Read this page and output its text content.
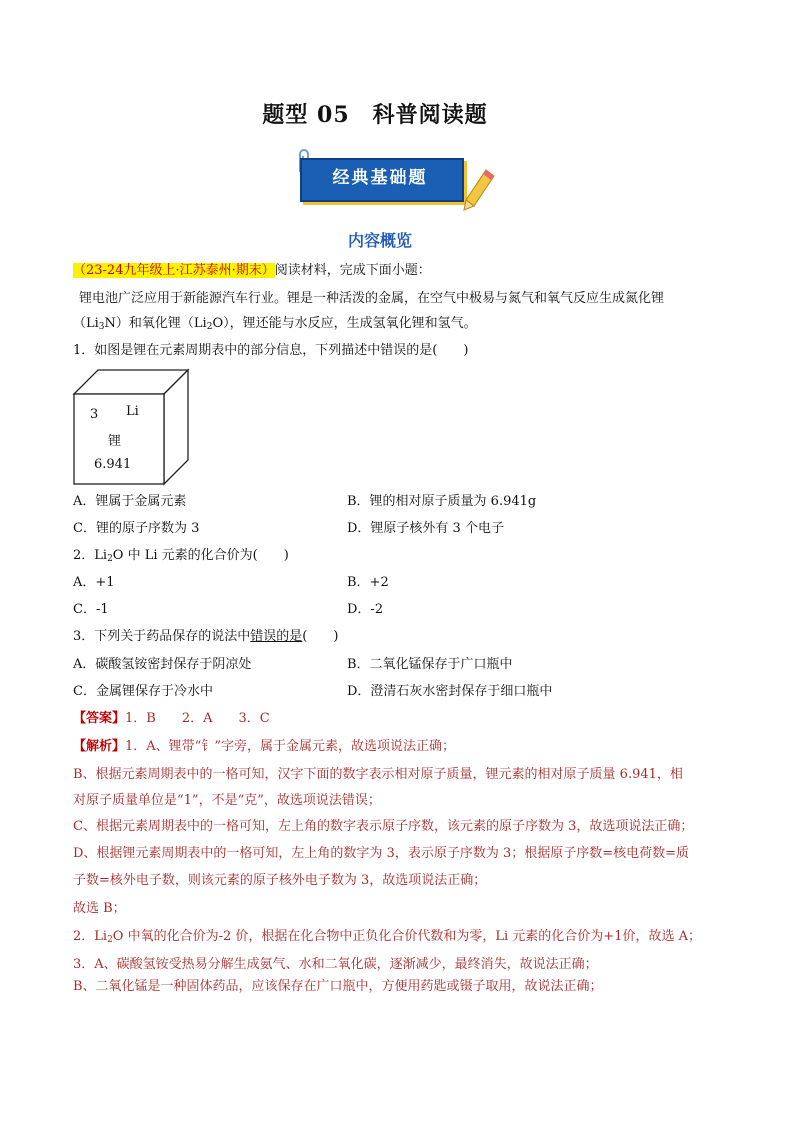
题型 05　科普阅读题
经典基础题
内容概览
（23-24九年级上·江苏泰州·期末）阅读材料，完成下面小题：
锂电池广泛应用于新能源汽车行业。锂是一种活泼的金属，在空气中极易与氮气和氧气反应生成氮化锂
$(Li_3N)$和氧化锂$(Li_2O)$，锂还能与水反应，生成氢氧化锂和氢气。
1．如图是锂在元素周期表中的部分信息，下列描述中错误的是(　　)
3 Li
锂
6.941
A．锂属于金属元素	B．锂的相对原子质量为 6.941g
C．锂的原子序数为 3	D．锂原子核外有 3 个电子
2．$Li_2O$ 中 Li 元素的化合价为(　　)
A．+1	B．+2
C．-1	D．-2
3．下列关于药品保存的说法中错误的是(　　)
A．碳酸氢铵密封保存于阴凉处	B．二氧化锰保存于广口瓶中
C．金属锂保存于冷水中	D．澄清石灰水密封保存于细口瓶中
【答案】1．B　　2．A　　3．C
【解析】1．A、锂带“钅”字旁，属于金属元素，故选项说法正确；
B、根据元素周期表中的一格可知，汉字下面的数字表示相对原子质量，锂元素的相对原子质量 6.941，相
对原子质量单位是“1”，不是“克”，故选项说法错误；
C、根据元素周期表中的一格可知，左上角的数字表示原子序数，该元素的原子序数为 3，故选项说法正确；
D、根据锂元素周期表中的一格可知，左上角的数字为 3，表示原子序数为 3；根据原子序数=核电荷数=质
子数=核外电子数，则该元素的原子核外电子数为 3，故选项说法正确；
故选 B；
2．$Li_2O$ 中氧的化合价为-2 价，根据在化合物中正负化合价代数和为零，Li 元素的化合价为+1价，故选 A；
3．A、碳酸氢铵受热易分解生成氨气、水和二氧化碳，逐渐减少，最终消失，故说法正确；
B、二氧化锰是一种固体药品，应该保存在广口瓶中，方便用药匙或镊子取用，故说法正确；
